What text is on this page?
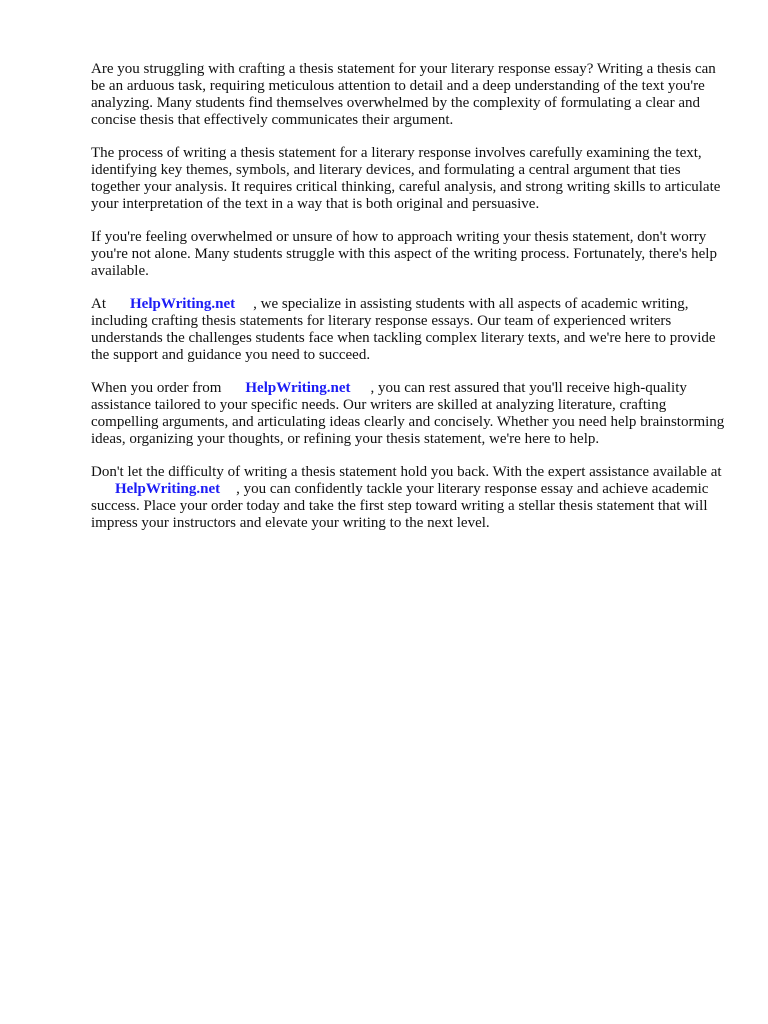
Are you struggling with crafting a thesis statement for your literary response essay? Writing a thesis can be an arduous task, requiring meticulous attention to detail and a deep understanding of the text you're analyzing. Many students find themselves overwhelmed by the complexity of formulating a clear and concise thesis that effectively communicates their argument.

The process of writing a thesis statement for a literary response involves carefully examining the text, identifying key themes, symbols, and literary devices, and formulating a central argument that ties together your analysis. It requires critical thinking, careful analysis, and strong writing skills to articulate your interpretation of the text in a way that is both original and persuasive.

If you're feeling overwhelmed or unsure of how to approach writing your thesis statement, don't worryyou're not alone. Many students struggle with this aspect of the writing process. Fortunately, there's help available.

At HelpWriting.net , we specialize in assisting students with all aspects of academic writing, including crafting thesis statements for literary response essays. Our team of experienced writers understands the challenges students face when tackling complex literary texts, and we're here to provide the support and guidance you need to succeed.

When you order from HelpWriting.net , you can rest assured that you'll receive high-quality assistance tailored to your specific needs. Our writers are skilled at analyzing literature, crafting compelling arguments, and articulating ideas clearly and concisely. Whether you need help brainstorming ideas, organizing your thoughts, or refining your thesis statement, we're here to help.

Don't let the difficulty of writing a thesis statement hold you back. With the expert assistance available atHelpWriting.net , you can confidently tackle your literary response essay and achieve academic success. Place your order today and take the first step toward writing a stellar thesis statement that will impress your instructors and elevate your writing to the next level.
